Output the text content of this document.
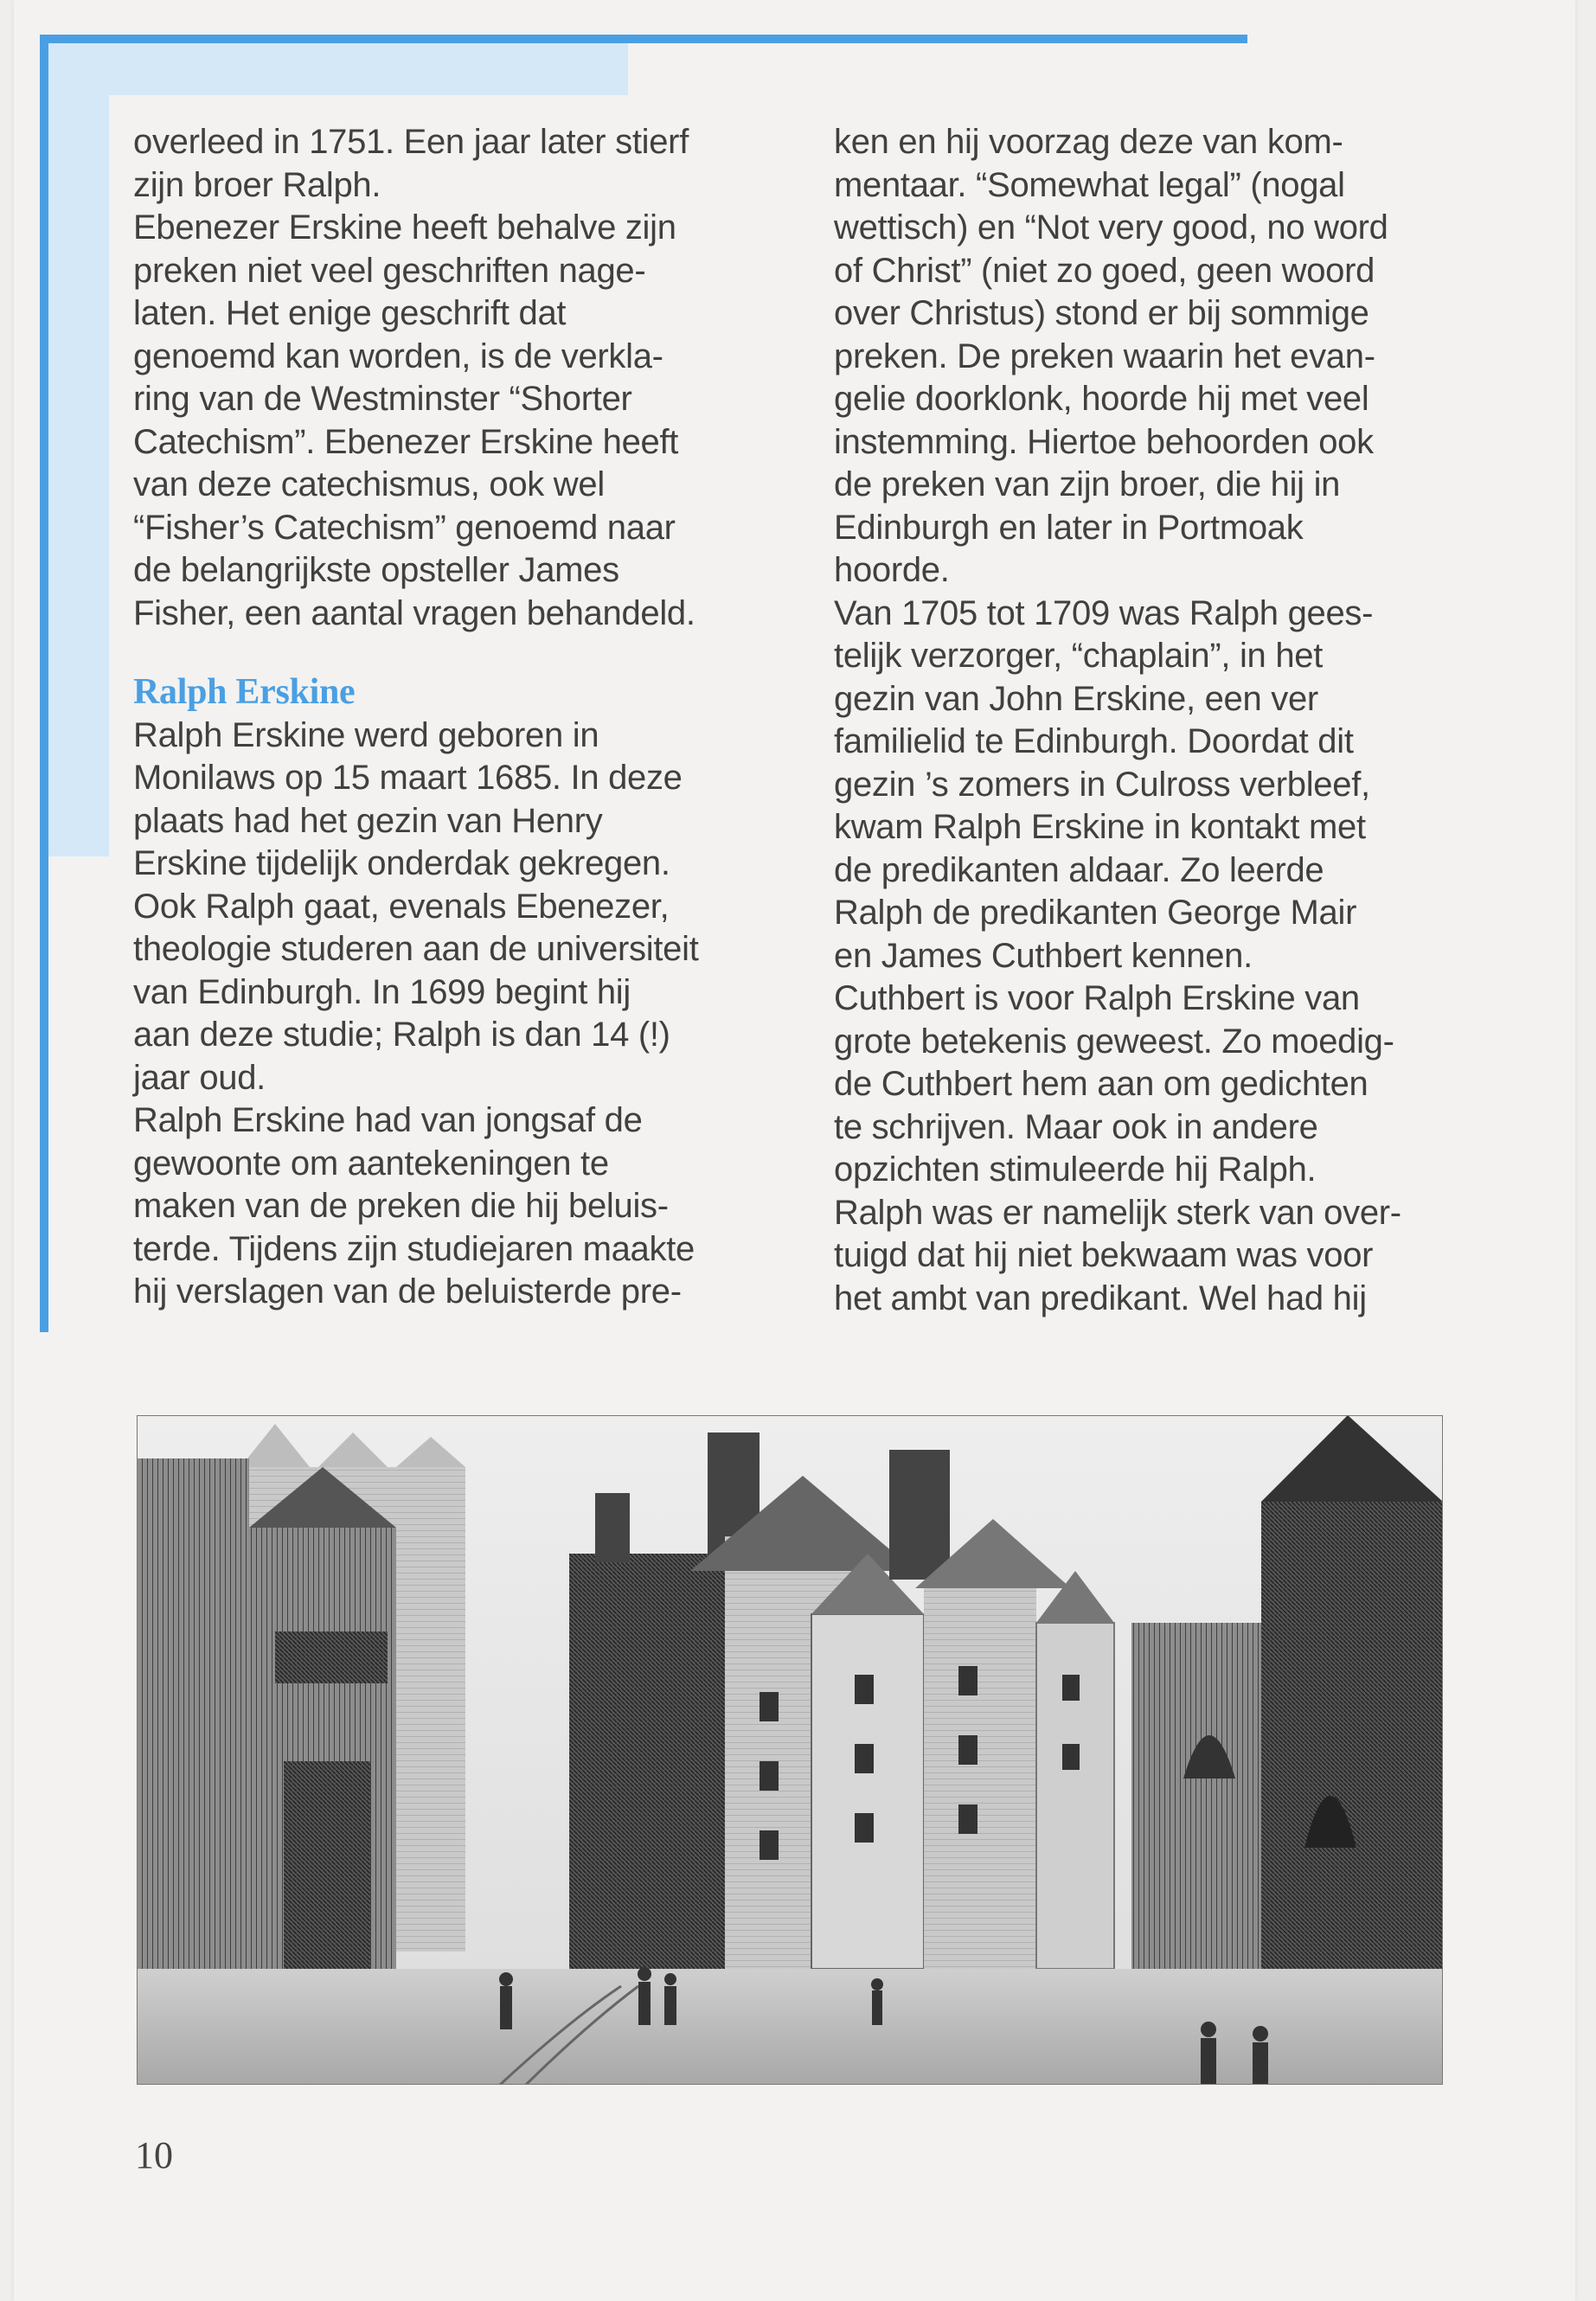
overleed in 1751. Een jaar later stierf

zijn broer Ralph.

Ebenezer Erskine heeft behalve zijn

preken niet veel geschriften nage-

laten. Het enige geschrift dat

genoemd kan worden, is de verkla-

ring van de Westminster “Shorter

Catechism”. Ebenezer Erskine heeft

van deze catechismus, ook wel

“Fisher’s Catechism” genoemd naar

de belangrijkste opsteller James

Fisher, een aantal vragen behandeld.

Ralph Erskine

Ralph Erskine werd geboren in

Monilaws op 15 maart 1685. In deze

plaats had het gezin van Henry

Erskine tijdelijk onderdak gekregen.

Ook Ralph gaat, evenals Ebenezer,

theologie studeren aan de universiteit

van Edinburgh. In 1699 begint hij

aan deze studie; Ralph is dan 14 (!)

jaar oud.

Ralph Erskine had van jongsaf de

gewoonte om aantekeningen te

maken van de preken die hij beluis-

terde. Tijdens zijn studiejaren maakte

hij verslagen van de beluisterde pre-

ken en hij voorzag deze van kom-

mentaar. “Somewhat legal” (nogal

wettisch) en “Not very good, no word

of Christ” (niet zo goed, geen woord

over Christus) stond er bij sommige

preken. De preken waarin het evan-

gelie doorklonk, hoorde hij met veel

instemming. Hiertoe behoorden ook

de preken van zijn broer, die hij in

Edinburgh en later in Portmoak

hoorde.

Van 1705 tot 1709 was Ralph gees-

telijk verzorger, “chaplain”, in het

gezin van John Erskine, een ver

familielid te Edinburgh. Doordat dit

gezin ’s zomers in Culross verbleef,

kwam Ralph Erskine in kontakt met

de predikanten aldaar. Zo leerde

Ralph de predikanten George Mair

en James Cuthbert kennen.

Cuthbert is voor Ralph Erskine van

grote betekenis geweest. Zo moedig-

de Cuthbert hem aan om gedichten

te schrijven. Maar ook in andere

opzichten stimuleerde hij Ralph.

Ralph was er namelijk sterk van over-

tuigd dat hij niet bekwaam was voor

het ambt van predikant. Wel had hij

10
